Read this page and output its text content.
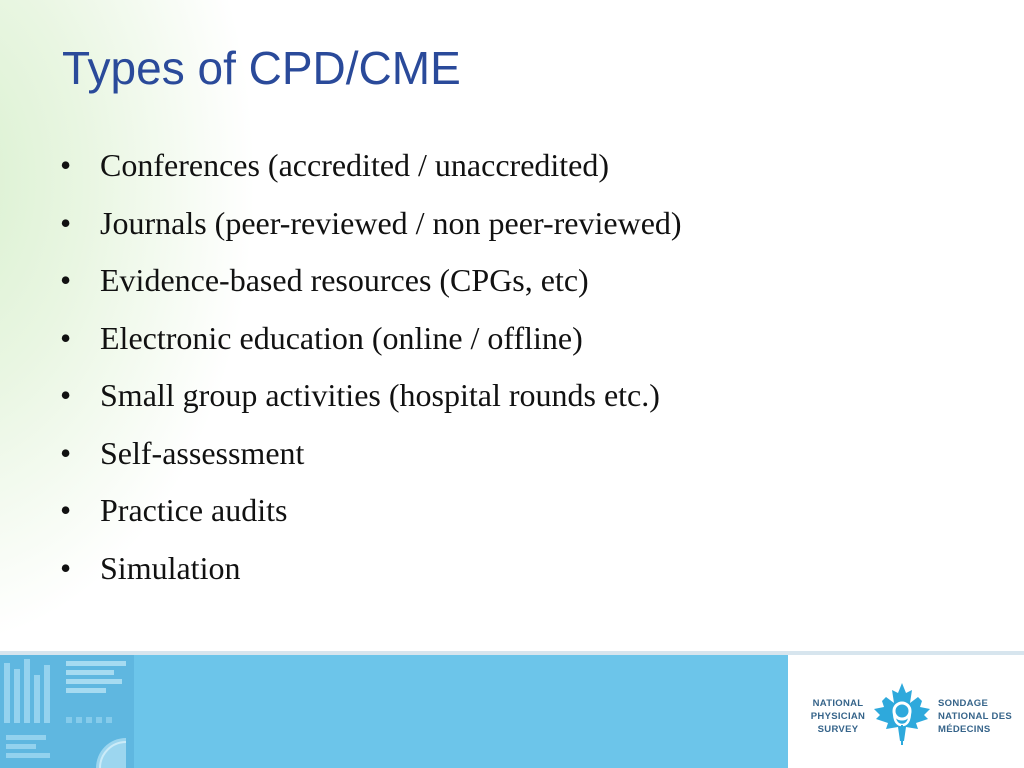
Types of CPD/CME
• Conferences (accredited / unaccredited)
• Journals (peer-reviewed / non peer-reviewed)
• Evidence-based resources (CPGs, etc)
• Electronic education (online / offline)
• Small group activities (hospital rounds etc.)
• Self-assessment
• Practice audits
• Simulation
NATIONAL
PHYSICIAN
SURVEY
SONDAGE
NATIONAL DES
MÉDECINS
